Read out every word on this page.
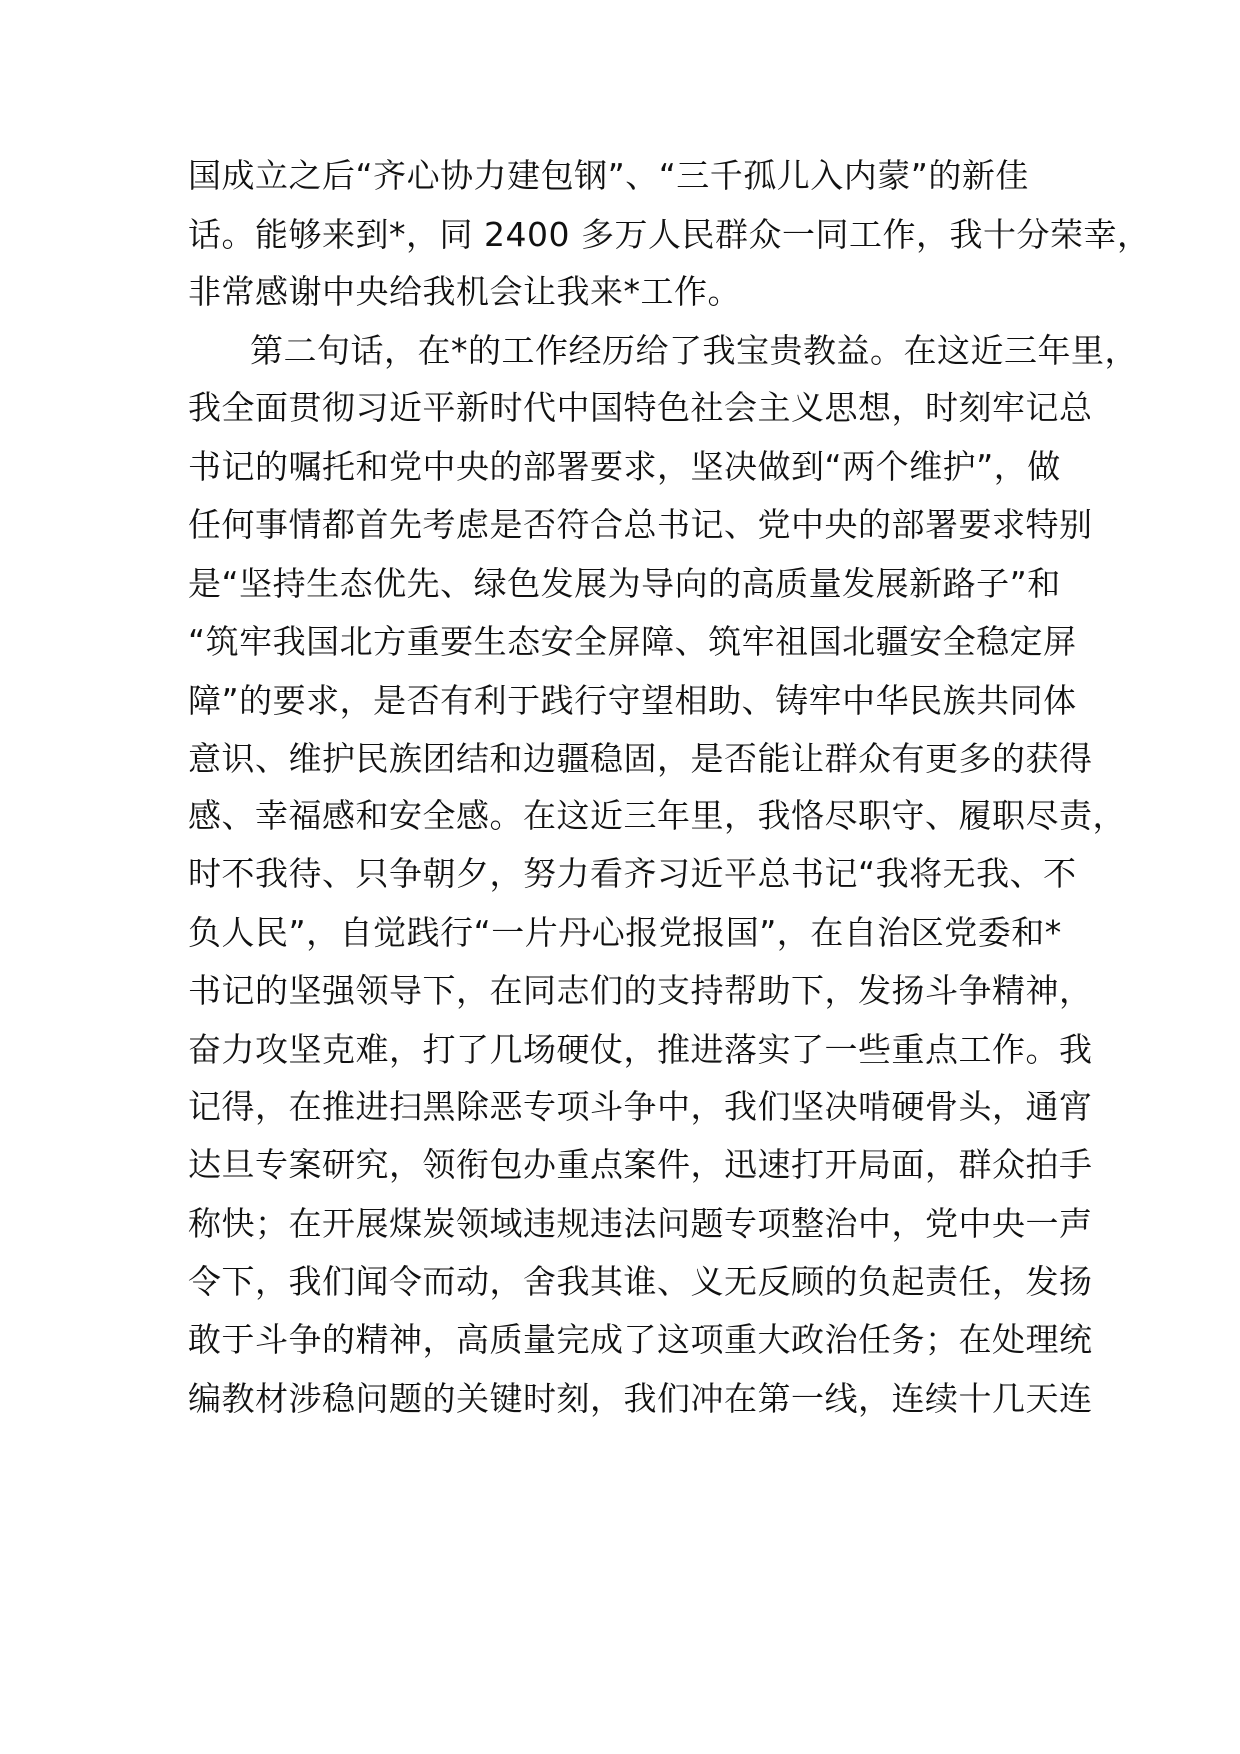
国成立之后“齐心协力建包钢”、“三千孤儿入内蒙”的新佳
话。能够来到*，同 2400 多万人民群众一同工作，我十分荣幸，
非常感谢中央给我机会让我来*工作。
第二句话，在*的工作经历给了我宝贵教益。在这近三年里，
我全面贯彻习近平新时代中国特色社会主义思想，时刻牢记总
书记的嘱托和党中央的部署要求，坚决做到“两个维护”，做
任何事情都首先考虑是否符合总书记、党中央的部署要求特别
是“坚持生态优先、绿色发展为导向的高质量发展新路子”和
“筑牢我国北方重要生态安全屏障、筑牢祖国北疆安全稳定屏
障”的要求，是否有利于践行守望相助、铸牢中华民族共同体
意识、维护民族团结和边疆稳固，是否能让群众有更多的获得
感、幸福感和安全感。在这近三年里，我恪尽职守、履职尽责，
时不我待、只争朝夕，努力看齐习近平总书记“我将无我、不
负人民”，自觉践行“一片丹心报党报国”，在自治区党委和*
书记的坚强领导下，在同志们的支持帮助下，发扬斗争精神，
奋力攻坚克难，打了几场硬仗，推进落实了一些重点工作。我
记得，在推进扫黑除恶专项斗争中，我们坚决啃硬骨头，通宵
达旦专案研究，领衔包办重点案件，迅速打开局面，群众拍手
称快；在开展煤炭领域违规违法问题专项整治中，党中央一声
令下，我们闻令而动，舍我其谁、义无反顾的负起责任，发扬
敢于斗争的精神，高质量完成了这项重大政治任务；在处理统
编教材涉稳问题的关键时刻，我们冲在第一线，连续十几天连
